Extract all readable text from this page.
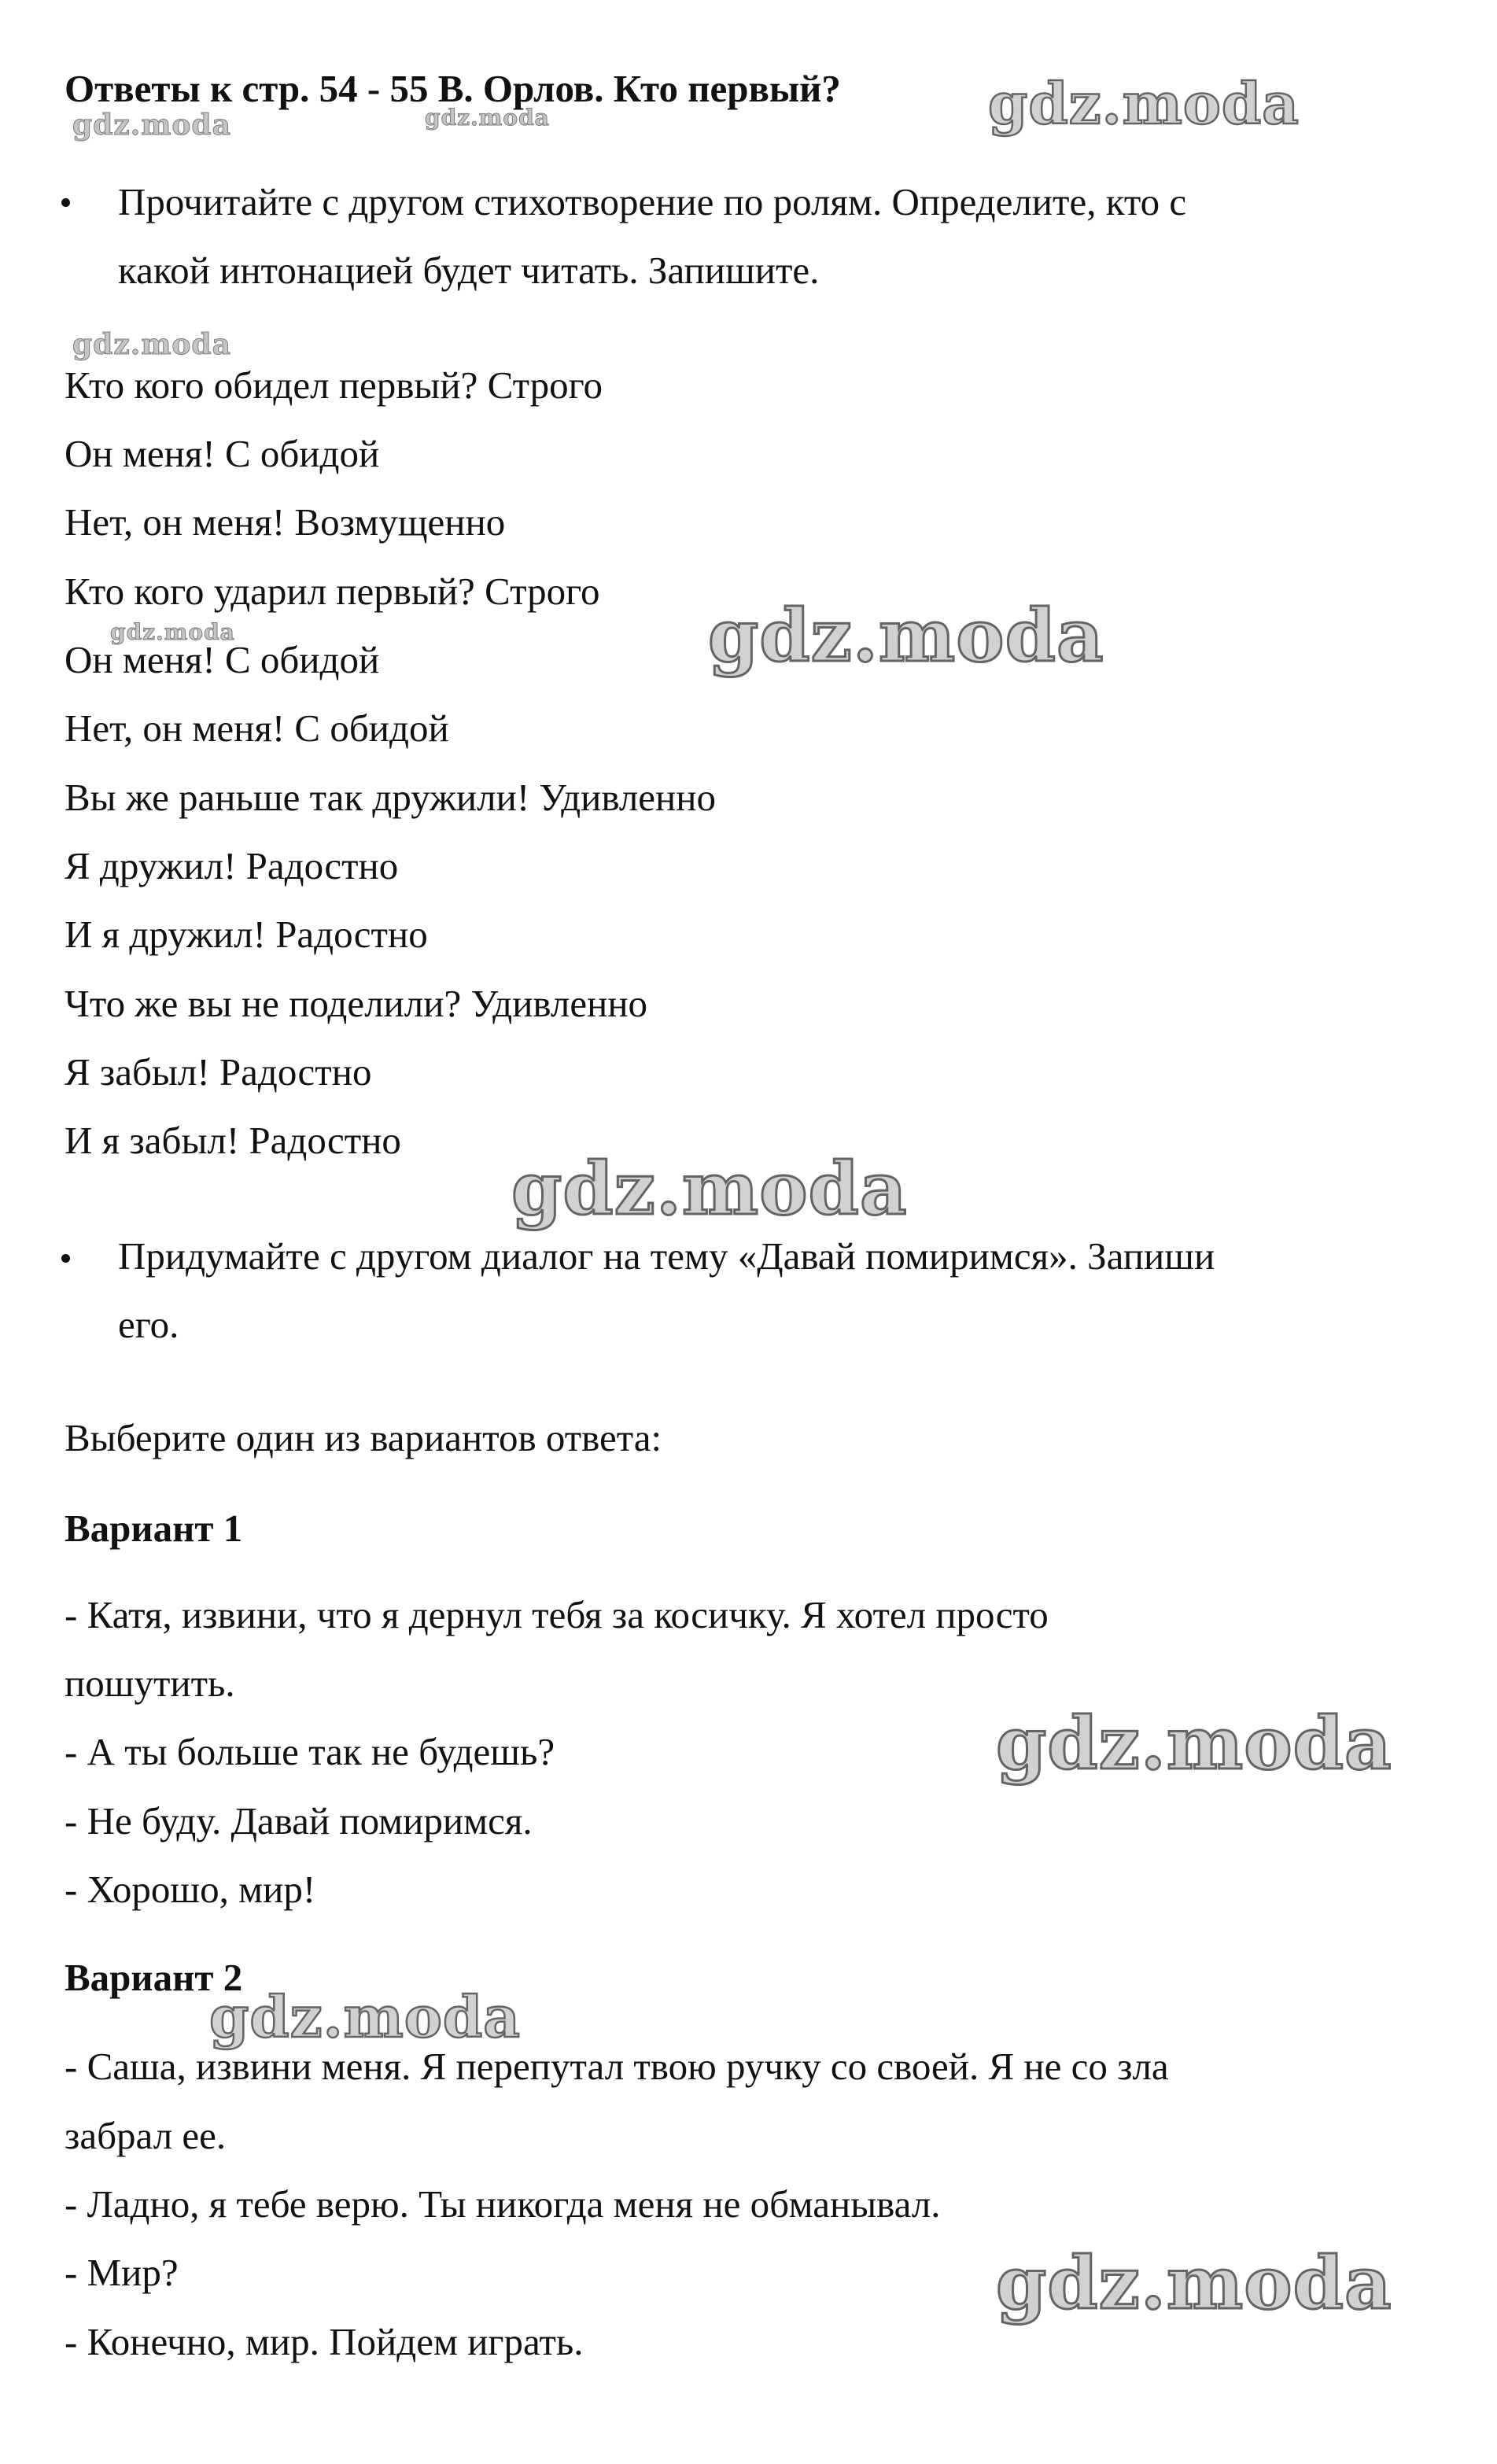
Ответы к стр. 54 - 55 В. Орлов. Кто первый?
Прочитайте с другом стихотворение по ролям. Определите, кто с
какой интонацией будет читать. Запишите.
Кто кого обидел первый? Строго
Он меня! С обидой
Нет, он меня! Возмущенно
Кто кого ударил первый? Строго
Он меня! С обидой
Нет, он меня! С обидой
Вы же раньше так дружили! Удивленно
Я дружил! Радостно
И я дружил! Радостно
Что же вы не поделили? Удивленно
Я забыл! Радостно
И я забыл! Радостно
Придумайте с другом диалог на тему «Давай помиримся». Запиши
его.
Выберите один из вариантов ответа:
Вариант 1
- Катя, извини, что я дернул тебя за косичку. Я хотел просто
пошутить.
- А ты больше так не будешь?
- Не буду. Давай помиримся.
- Хорошо, мир!
Вариант 2
- Саша, извини меня. Я перепутал твою ручку со своей. Я не со зла
забрал ее.
- Ладно, я тебе верю. Ты никогда меня не обманывал.
- Мир?
- Конечно, мир. Пойдем играть.
gdz.moda
gdz.moda	gdz.moda
gdz.moda
gdz.moda	gdz.moda
gdz.moda
gdz.moda
gdz.moda
gdz.moda
